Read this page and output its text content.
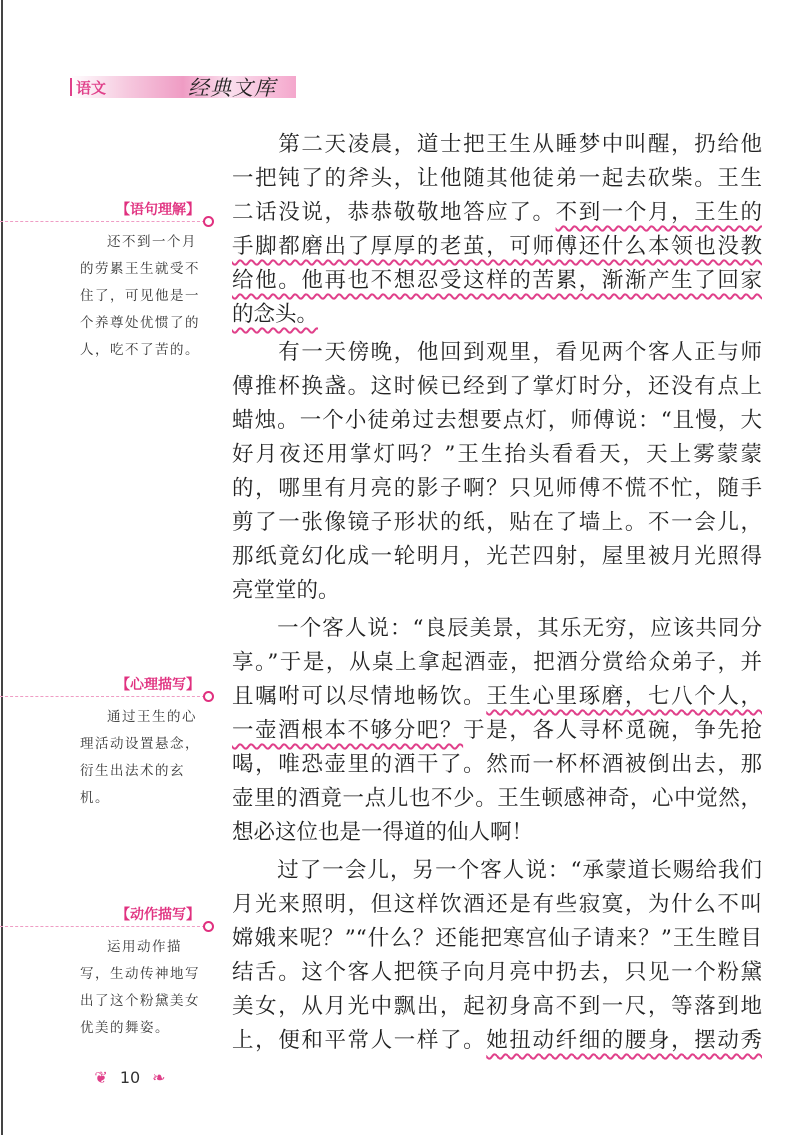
语文	经典文库
　　第二天凌晨，道士把王生从睡梦中叫醒，扔给他
一把钝了的斧头，让他随其他徒弟一起去砍柴。王生
二话没说，恭恭敬敬地答应了。不到一个月，王生的
手脚都磨出了厚厚的老茧，可师傅还什么本领也没教
给他。他再也不想忍受这样的苦累，渐渐产生了回家
的念头。
　　有一天傍晚，他回到观里，看见两个客人正与师
傅推杯换盏。这时候已经到了掌灯时分，还没有点上
蜡烛。一个小徒弟过去想要点灯，师傅说：“且慢，大
好月夜还用掌灯吗？”王生抬头看看天，天上雾蒙蒙
的，哪里有月亮的影子啊？只见师傅不慌不忙，随手
剪了一张像镜子形状的纸，贴在了墙上。不一会儿，
那纸竟幻化成一轮明月，光芒四射，屋里被月光照得
亮堂堂的。
　　一个客人说：“良辰美景，其乐无穷，应该共同分
享。”于是，从桌上拿起酒壶，把酒分赏给众弟子，并
且嘱咐可以尽情地畅饮。王生心里琢磨，七八个人，
一壶酒根本不够分吧？于是，各人寻杯觅碗，争先抢
喝，唯恐壶里的酒干了。然而一杯杯酒被倒出去，那
壶里的酒竟一点儿也不少。王生顿感神奇，心中觉然，
想必这位也是一得道的仙人啊！
　　过了一会儿，另一个客人说：“承蒙道长赐给我们
月光来照明，但这样饮酒还是有些寂寞，为什么不叫
嫦娥来呢？”“什么？还能把寒宫仙子请来？”王生瞠目
结舌。这个客人把筷子向月亮中扔去，只见一个粉黛
美女，从月光中飘出，起初身高不到一尺，等落到地
上，便和平常人一样了。她扭动纤细的腰身，摆动秀
【语句理解】
还不到一个月的劳累王生就受不住了，可见他是一个养尊处优惯了的人，吃不了苦的。
【心理描写】
通过王生的心理活动设置悬念，衍生出法术的玄机。
【动作描写】
运用动作描写，生动传神地写出了这个粉黛美女优美的舞姿。
❦ 10 ❧
